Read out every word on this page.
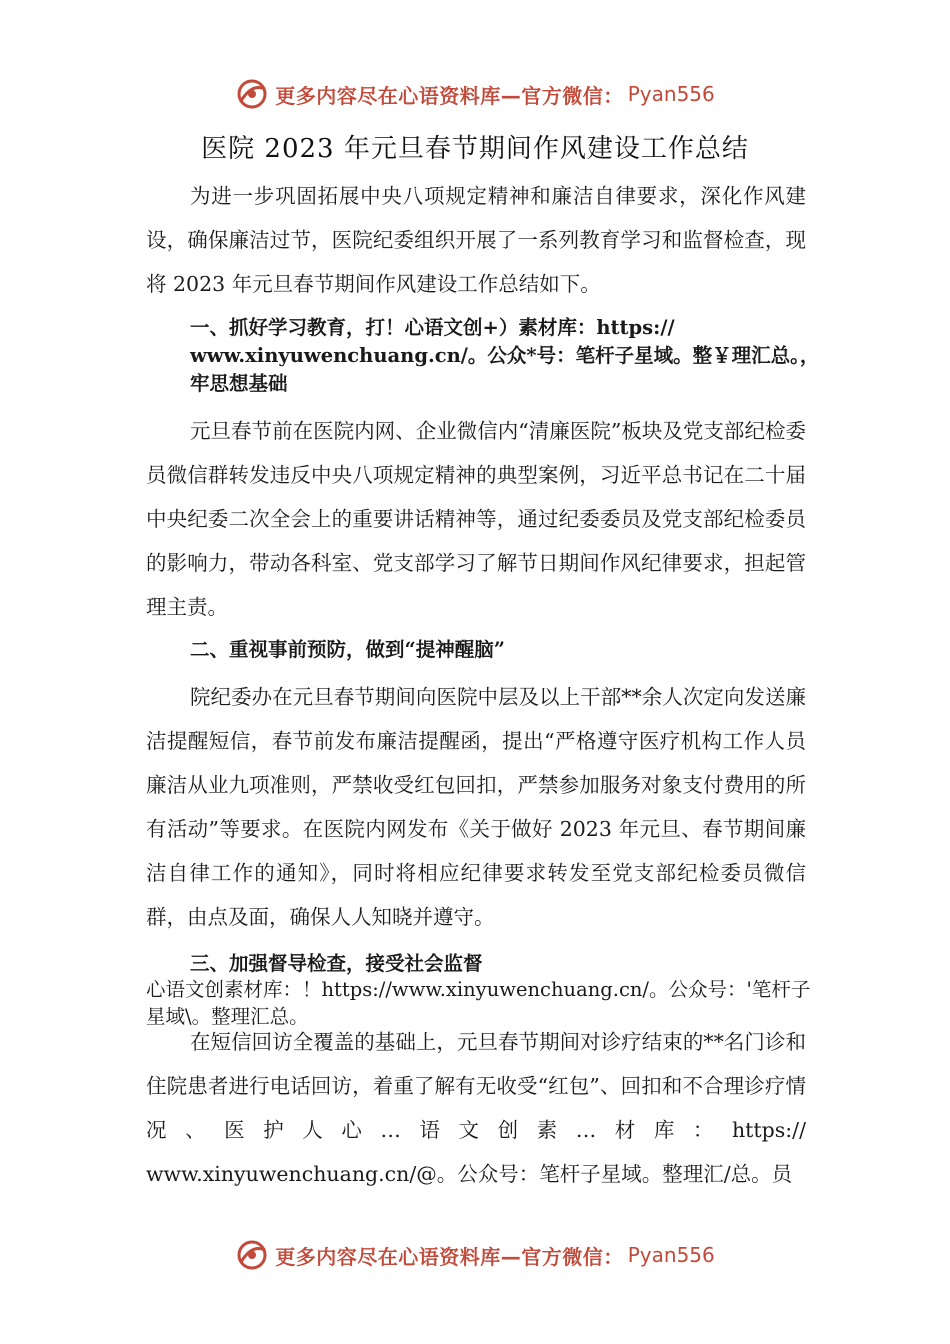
更多内容尽在心语资料库—官方微信： Pyan556
医院 2023 年元旦春节期间作风建设工作总结

为进一步巩固拓展中央八项规定精神和廉洁自律要求，深化作风建设，确保廉洁过节，医院纪委组织开展了一系列教育学习和监督检查，现将 2023 年元旦春节期间作风建设工作总结如下。

一、抓好学习教育，打！心语文创+）素材库：https:// www.xinyuwenchuang.cn/。公众*号：笔杆子星域。整￥理汇总。，牢思想基础

元旦春节前在医院内网、企业微信内“清廉医院”板块及党支部纪检委员微信群转发违反中央八项规定精神的典型案例，习近平总书记在二十届中央纪委二次全会上的重要讲话精神等，通过纪委委员及党支部纪检委员的影响力，带动各科室、党支部学习了解节日期间作风纪律要求，担起管理主责。

二、重视事前预防，做到“提神醒脑”

院纪委办在元旦春节期间向医院中层及以上干部**余人次定向发送廉洁提醒短信，春节前发布廉洁提醒函，提出“严格遵守医疗机构工作人员廉洁从业九项准则，严禁收受红包回扣，严禁参加服务对象支付费用的所有活动”等要求。在医院内网发布《关于做好 2023 年元旦、春节期间廉洁自律工作的通知》，同时将相应纪律要求转发至党支部纪检委员微信群，由点及面，确保人人知晓并遵守。

三、加强督导检查，接受社会监督

心语文创素材库：！https://www.xinyuwenchuang.cn/。公众号：'笔杆子星域\。整理汇总。

在短信回访全覆盖的基础上，元旦春节期间对诊疗结束的**名门诊和住院患者进行电话回访，着重了解有无收受“红包”、回扣和不合理诊疗情况、医护人心…语文创素…材库：https:// www.xinyuwenchuang.cn/@。公众号：笔杆子星域。整理汇/总。员

更多内容尽在心语资料库—官方微信： Pyan556
